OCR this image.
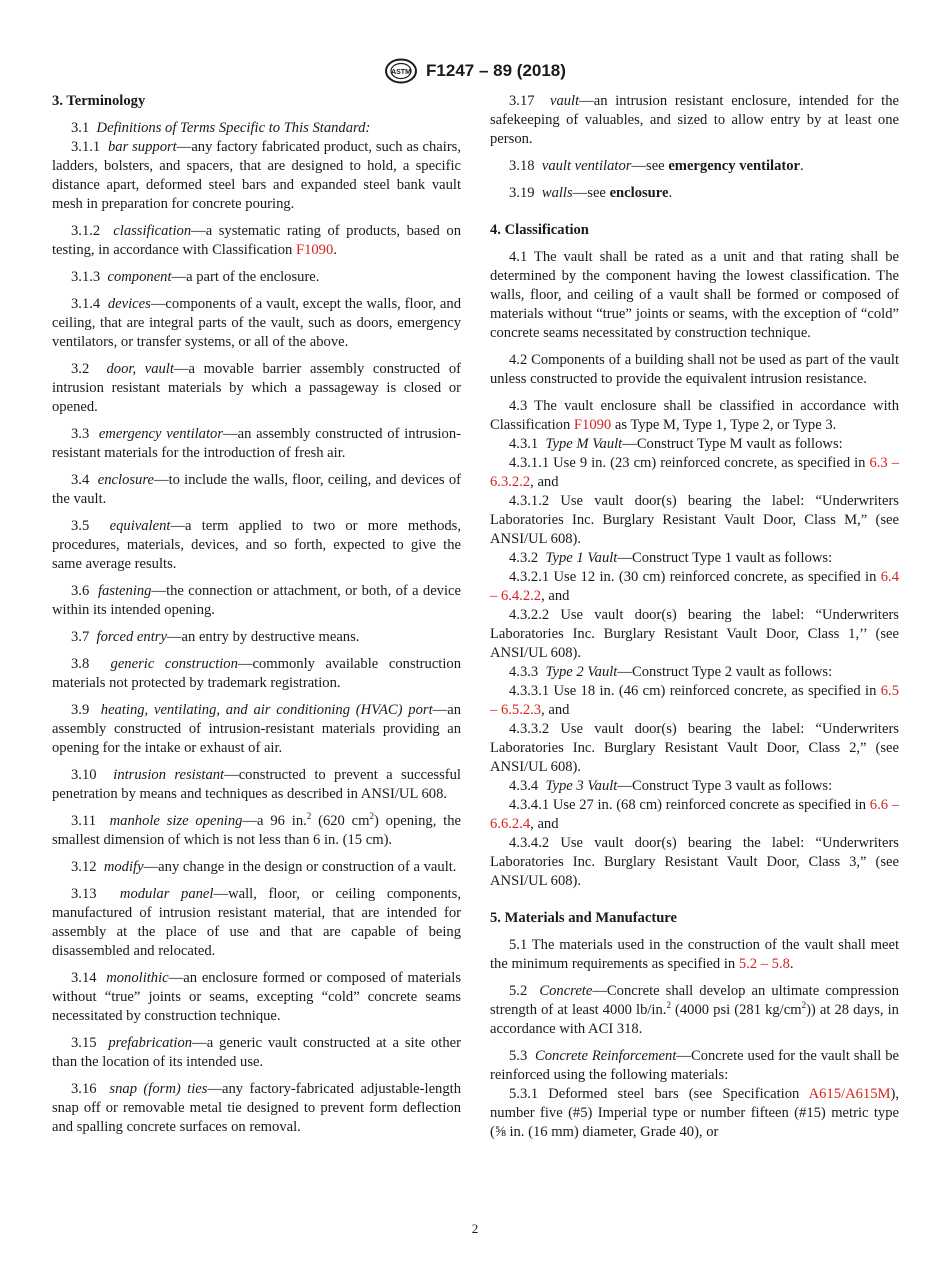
ASTM F1247 – 89 (2018)
3. Terminology

3.1 Definitions of Terms Specific to This Standard:

3.1.1 bar support—any factory fabricated product, such as chairs, ladders, bolsters, and spacers, that are designed to hold, a specific distance apart, deformed steel bars and expanded steel bank vault mesh in preparation for concrete pouring.

3.1.2 classification—a systematic rating of products, based on testing, in accordance with Classification F1090.

3.1.3 component—a part of the enclosure.

3.1.4 devices—components of a vault, except the walls, floor, and ceiling, that are integral parts of the vault, such as doors, emergency ventilators, or transfer systems, or all of the above.

3.2 door, vault—a movable barrier assembly constructed of intrusion resistant materials by which a passageway is closed or opened.

3.3 emergency ventilator—an assembly constructed of intrusion-resistant materials for the introduction of fresh air.

3.4 enclosure—to include the walls, floor, ceiling, and devices of the vault.

3.5 equivalent—a term applied to two or more methods, procedures, materials, devices, and so forth, expected to give the same average results.

3.6 fastening—the connection or attachment, or both, of a device within its intended opening.

3.7 forced entry—an entry by destructive means.

3.8 generic construction—commonly available construction materials not protected by trademark registration.

3.9 heating, ventilating, and air conditioning (HVAC) port—an assembly constructed of intrusion-resistant materials providing an opening for the intake or exhaust of air.

3.10 intrusion resistant—constructed to prevent a successful penetration by means and techniques as described in ANSI/UL 608.

3.11 manhole size opening—a 96 in.$^2$ (620 $cm^2$) opening, the smallest dimension of which is not less than 6 in. (15 cm).

3.12 modify—any change in the design or construction of a vault.

3.13 modular panel—wall, floor, or ceiling components, manufactured of intrusion resistant material, that are intended for assembly at the place of use and that are capable of being disassembled and relocated.

3.14 monolithic—an enclosure formed or composed of materials without “true” joints or seams, excepting “cold” concrete seams necessitated by construction technique.

3.15 prefabrication—a generic vault constructed at a site other than the location of its intended use.

3.16 snap (form) ties—any factory-fabricated adjustable-length snap off or removable metal tie designed to prevent form deflection and spalling concrete surfaces on removal.

3.17 vault—an intrusion resistant enclosure, intended for the safekeeping of valuables, and sized to allow entry by at least one person.

3.18 vault ventilator—see emergency ventilator.

3.19 walls—see enclosure.

4. Classification

4.1 The vault shall be rated as a unit and that rating shall be determined by the component having the lowest classification. The walls, floor, and ceiling of a vault shall be formed or composed of materials without “true” joints or seams, with the exception of “cold” concrete seams necessitated by construction technique.

4.2 Components of a building shall not be used as part of the vault unless constructed to provide the equivalent intrusion resistance.

4.3 The vault enclosure shall be classified in accordance with Classification F1090 as Type M, Type 1, Type 2, or Type 3.

4.3.1 Type M Vault—Construct Type M vault as follows:

4.3.1.1 Use 9 in. (23 cm) reinforced concrete, as specified in 6.3 – 6.3.2.2, and

4.3.1.2 Use vault door(s) bearing the label: “Underwriters Laboratories Inc. Burglary Resistant Vault Door, Class M,” (see ANSI/UL 608).

4.3.2 Type 1 Vault—Construct Type 1 vault as follows:

4.3.2.1 Use 12 in. (30 cm) reinforced concrete, as specified in 6.4 – 6.4.2.2, and

4.3.2.2 Use vault door(s) bearing the label: “Underwriters Laboratories Inc. Burglary Resistant Vault Door, Class 1,’’ (see ANSI/UL 608).

4.3.3 Type 2 Vault—Construct Type 2 vault as follows:

4.3.3.1 Use 18 in. (46 cm) reinforced concrete, as specified in 6.5 – 6.5.2.3, and

4.3.3.2 Use vault door(s) bearing the label: “Underwriters Laboratories Inc. Burglary Resistant Vault Door, Class 2,” (see ANSI/UL 608).

4.3.4 Type 3 Vault—Construct Type 3 vault as follows:

4.3.4.1 Use 27 in. (68 cm) reinforced concrete as specified in 6.6 – 6.6.2.4, and

4.3.4.2 Use vault door(s) bearing the label: “Underwriters Laboratories Inc. Burglary Resistant Vault Door, Class 3,” (see ANSI/UL 608).

5. Materials and Manufacture

5.1 The materials used in the construction of the vault shall meet the minimum requirements as specified in 5.2 – 5.8.

5.2 Concrete—Concrete shall develop an ultimate compression strength of at least 4000 lb/in.$^2$ (4000 psi (281 $kg/cm^2$)) at 28 days, in accordance with ACI 318.

5.3 Concrete Reinforcement—Concrete used for the vault shall be reinforced using the following materials:

5.3.1 Deformed steel bars (see Specification A615/A615M), number five (#5) Imperial type or number fifteen (#15) metric type (⅝ in. (16 mm) diameter, Grade 40), or

2
